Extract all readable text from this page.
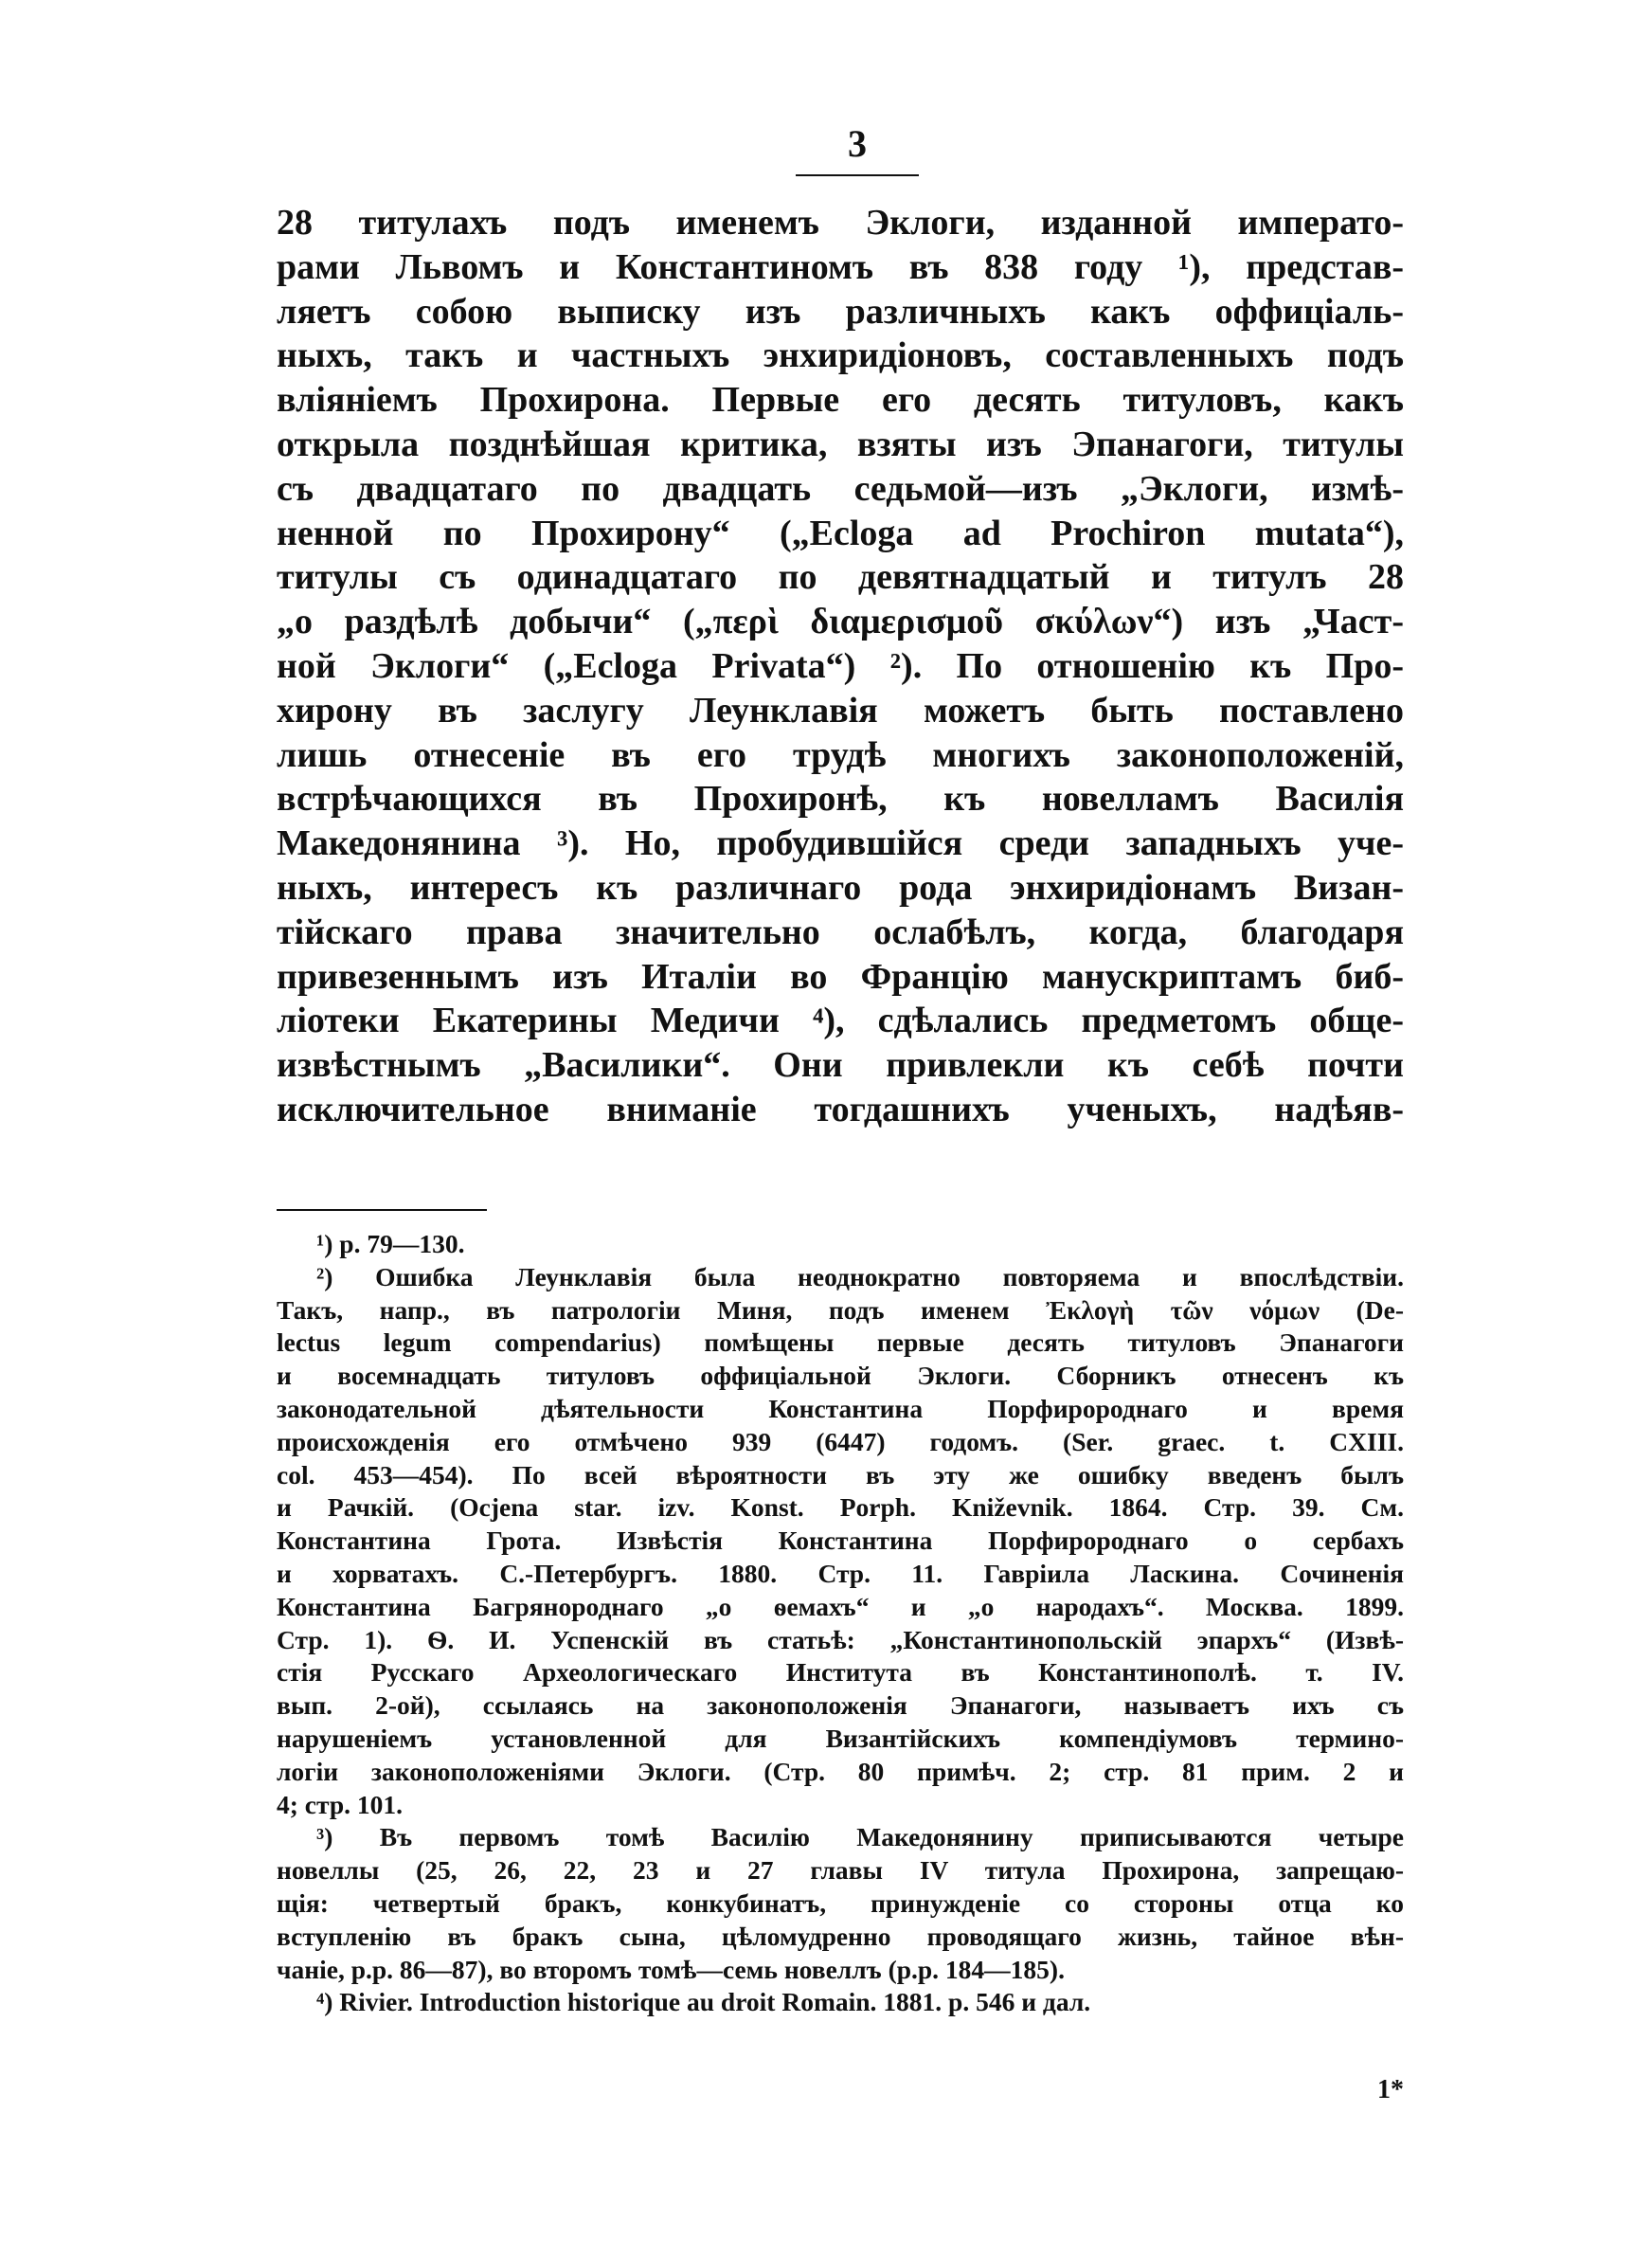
3
28 титулахъ подъ именемъ Эклоги, изданной императо-
рами Львомъ и Константиномъ въ 838 году ¹), представ-
ляетъ собою выписку изъ различныхъ какъ оффиціаль-
ныхъ, такъ и частныхъ энхиридіоновъ, составленныхъ подъ
вліяніемъ Прохирона. Первые его десять титуловъ, какъ
открыла позднѣйшая критика, взяты изъ Эпанагоги, титулы
съ двадцатаго по двадцать седьмой—изъ „Эклоги, измѣ-
ненной по Прохирону“ („Ecloga ad Prochiron mutata“),
титулы съ одинадцатаго по девятнадцатый и титулъ 28
„о раздѣлѣ добычи“ („περὶ διαμερισμοῦ σκύλων“) изъ „Част-
ной Эклоги“ („Ecloga Privata“) ²). По отношенію къ Про-
хирону въ заслугу Леунклавія можетъ быть поставлено
лишь отнесеніе въ его трудѣ многихъ законоположеній,
встрѣчающихся въ Прохиронѣ, къ новелламъ Василія
Македонянина ³). Но, пробудившійся среди западныхъ уче-
ныхъ, интересъ къ различнаго рода энхиридіонамъ Визан-
тійскаго права значительно ослабѣлъ, когда, благодаря
привезеннымъ изъ Италіи во Францію манускриптамъ биб-
ліотеки Екатерины Медичи ⁴), сдѣлались предметомъ обще-
извѣстнымъ „Василики“. Они привлекли къ себѣ почти
исключительное вниманіе тогдашнихъ ученыхъ, надѣяв-
¹) p. 79—130.
²) Ошибка Леунклавія была неоднократно повторяема и впослѣдствіи.
Такъ, напр., въ патрологіи Миня, подъ именем Ἐκλογὴ τῶν νόμων (De-
lectus legum compendarius) помѣщены первые десять титуловъ Эпанагоги
и восемнадцать титуловъ оффиціальной Эклоги. Сборникъ отнесенъ къ
законодательной дѣятельности Константина Порфиророднаго и время
происхожденія его отмѣчено 939 (6447) годомъ. (Ser. graec. t. CXIII.
col. 453—454). По всей вѣроятности въ эту же ошибку введенъ былъ
и Рачкій. (Ocjena star. izv. Konst. Porph. Kniževnik. 1864. Стр. 39. См.
Константина Грота. Извѣстія Константина Порфиророднаго о сербахъ
и хорватахъ. С.-Петербургъ. 1880. Стр. 11. Гаврiила Ласкина. Сочиненія
Константина Багрянороднаго „о ѳемахъ“ и „о народахъ“. Москва. 1899.
Стр. 1). Ѳ. И. Успенскій въ статьѣ: „Константинопольскій эпархъ“ (Извѣ-
стія Русскаго Археологическаго Института въ Константинополѣ. т. IV.
вып. 2-ой), ссылаясь на законоположенія Эпанагоги, называетъ ихъ съ
нарушеніемъ установленной для Византійскихъ компендіумовъ термино-
логіи законоположеніями Эклоги. (Стр. 80 примѣч. 2; стр. 81 прим. 2 и
4; стр. 101.
³) Въ первомъ томѣ Василію Македонянину приписываются четыре
новеллы (25, 26, 22, 23 и 27 главы IV титула Прохирона, запрещаю-
щія: четвертый бракъ, конкубинатъ, принужденіе со стороны отца ко
вступленію въ бракъ сына, цѣломудренно проводящаго жизнь, тайное вѣн-
чаніе, p.p. 86—87), во второмъ томѣ—семь новеллъ (p.p. 184—185).
⁴) Rivier. Introduction historique au droit Romain. 1881. p. 546 и дал.
1*
